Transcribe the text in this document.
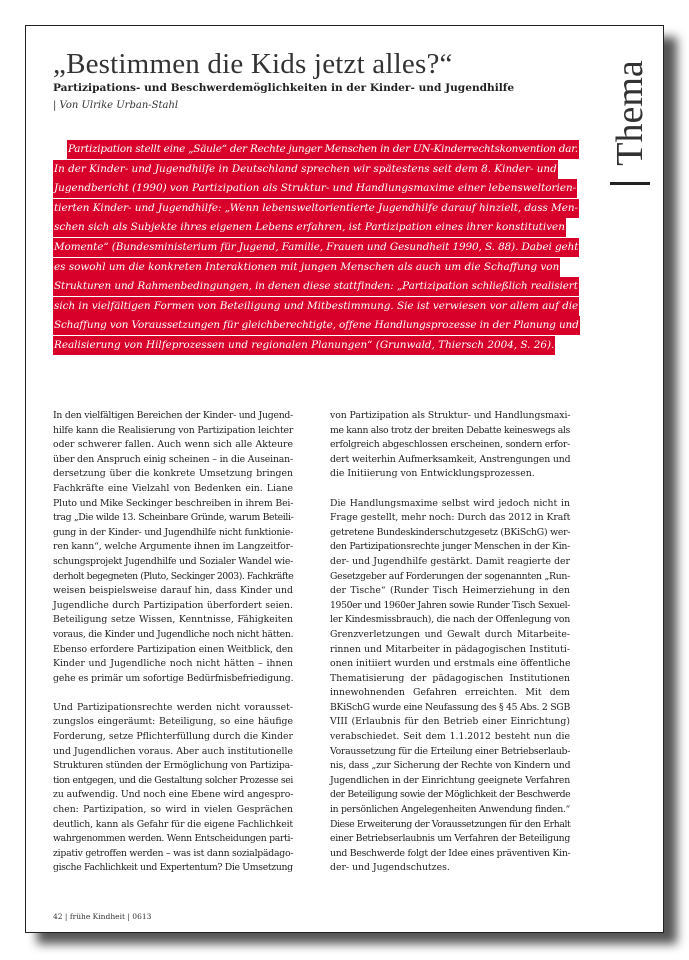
„Bestimmen die Kids jetzt alles?“
Partizipations- und Beschwerdemöglichkeiten in der Kinder- und Jugendhilfe
| Von Ulrike Urban-Stahl	Thema
Partizipation stellt eine „Säule“ der Rechte junger Menschen in der UN-Kinderrechtskonvention dar.
In der Kinder- und Jugendhilfe in Deutschland sprechen wir spätestens seit dem 8. Kinder- und
Jugendbericht (1990) von Partizipation als Struktur- und Handlungsmaxime einer lebensweltorien-
tierten Kinder- und Jugendhilfe: „Wenn lebensweltorientierte Jugendhilfe darauf hinzielt, dass Men-
schen sich als Subjekte ihres eigenen Lebens erfahren, ist Partizipation eines ihrer konstitutiven
Momente“ (Bundesministerium für Jugend, Familie, Frauen und Gesundheit 1990, S. 88). Dabei geht
es sowohl um die konkreten Interaktionen mit jungen Menschen als auch um die Schaffung von
Strukturen und Rahmenbedingungen, in denen diese stattfinden: „Partizipation schließlich realisiert
sich in vielfältigen Formen von Beteiligung und Mitbestimmung. Sie ist verwiesen vor allem auf die
Schaffung von Voraussetzungen für gleichberechtigte, offene Handlungsprozesse in der Planung und
Realisierung von Hilfeprozessen und regionalen Planungen“ (Grunwald, Thiersch 2004, S. 26).
In den vielfältigen Bereichen der Kinder- und Jugend-
hilfe kann die Realisierung von Partizipation leichter
oder schwerer fallen. Auch wenn sich alle Akteure
über den Anspruch einig scheinen – in die Auseinan-
dersetzung über die konkrete Umsetzung bringen
Fachkräfte eine Vielzahl von Bedenken ein. Liane
Pluto und Mike Seckinger beschreiben in ihrem Bei-
trag „Die wilde 13. Scheinbare Gründe, warum Beteili-
gung in der Kinder- und Jugendhilfe nicht funktionie-
ren kann“, welche Argumente ihnen im Langzeitfor-
schungsprojekt Jugendhilfe und Sozialer Wandel wie-
derholt begegneten (Pluto, Seckinger 2003). Fachkräfte
weisen beispielsweise darauf hin, dass Kinder und
Jugendliche durch Partizipation überfordert seien.
Beteiligung setze Wissen, Kenntnisse, Fähigkeiten
voraus, die Kinder und Jugendliche noch nicht hätten.
Ebenso erfordere Partizipation einen Weitblick, den
Kinder und Jugendliche noch nicht hätten – ihnen
gehe es primär um sofortige Bedürfnisbefriedigung.
Und Partizipationsrechte werden nicht vorausset-
zungslos eingeräumt: Beteiligung, so eine häufige
Forderung, setze Pflichterfüllung durch die Kinder
und Jugendlichen voraus. Aber auch institutionelle
Strukturen stünden der Ermöglichung von Partizipa-
tion entgegen, und die Gestaltung solcher Prozesse sei
zu aufwendig. Und noch eine Ebene wird angespro-
chen: Partizipation, so wird in vielen Gesprächen
deutlich, kann als Gefahr für die eigene Fachlichkeit
wahrgenommen werden. Wenn Entscheidungen parti-
zipativ getroffen werden – was ist dann sozialpädago-
gische Fachlichkeit und Expertentum? Die Umsetzung
von Partizipation als Struktur- und Handlungsmaxi-
me kann also trotz der breiten Debatte keineswegs als
erfolgreich abgeschlossen erscheinen, sondern erfor-
dert weiterhin Aufmerksamkeit, Anstrengungen und
die Initiierung von Entwicklungsprozessen.
Die Handlungsmaxime selbst wird jedoch nicht in
Frage gestellt, mehr noch: Durch das 2012 in Kraft
getretene Bundeskinderschutzgesetz (BKiSchG) wer-
den Partizipationsrechte junger Menschen in der Kin-
der- und Jugendhilfe gestärkt. Damit reagierte der
Gesetzgeber auf Forderungen der sogenannten „Run-
der Tische“ (Runder Tisch Heimerziehung in den
1950er und 1960er Jahren sowie Runder Tisch Sexuel-
ler Kindesmissbrauch), die nach der Offenlegung von
Grenzverletzungen und Gewalt durch Mitarbeite-
rinnen und Mitarbeiter in pädagogischen Instituti-
onen initiiert wurden und erstmals eine öffentliche
Thematisierung der pädagogischen Institutionen
innewohnenden Gefahren erreichten. Mit dem
BKiSchG wurde eine Neufassung des § 45 Abs. 2 SGB
VIII (Erlaubnis für den Betrieb einer Einrichtung)
verabschiedet. Seit dem 1.1.2012 besteht nun die
Voraussetzung für die Erteilung einer Betriebserlaub-
nis, dass „zur Sicherung der Rechte von Kindern und
Jugendlichen in der Einrichtung geeignete Verfahren
der Beteiligung sowie der Möglichkeit der Beschwerde
in persönlichen Angelegenheiten Anwendung finden.“
Diese Erweiterung der Voraussetzungen für den Erhalt
einer Betriebserlaubnis um Verfahren der Beteiligung
und Beschwerde folgt der Idee eines präventiven Kin-
der- und Jugendschutzes.
42 | frühe Kindheit | 0613
